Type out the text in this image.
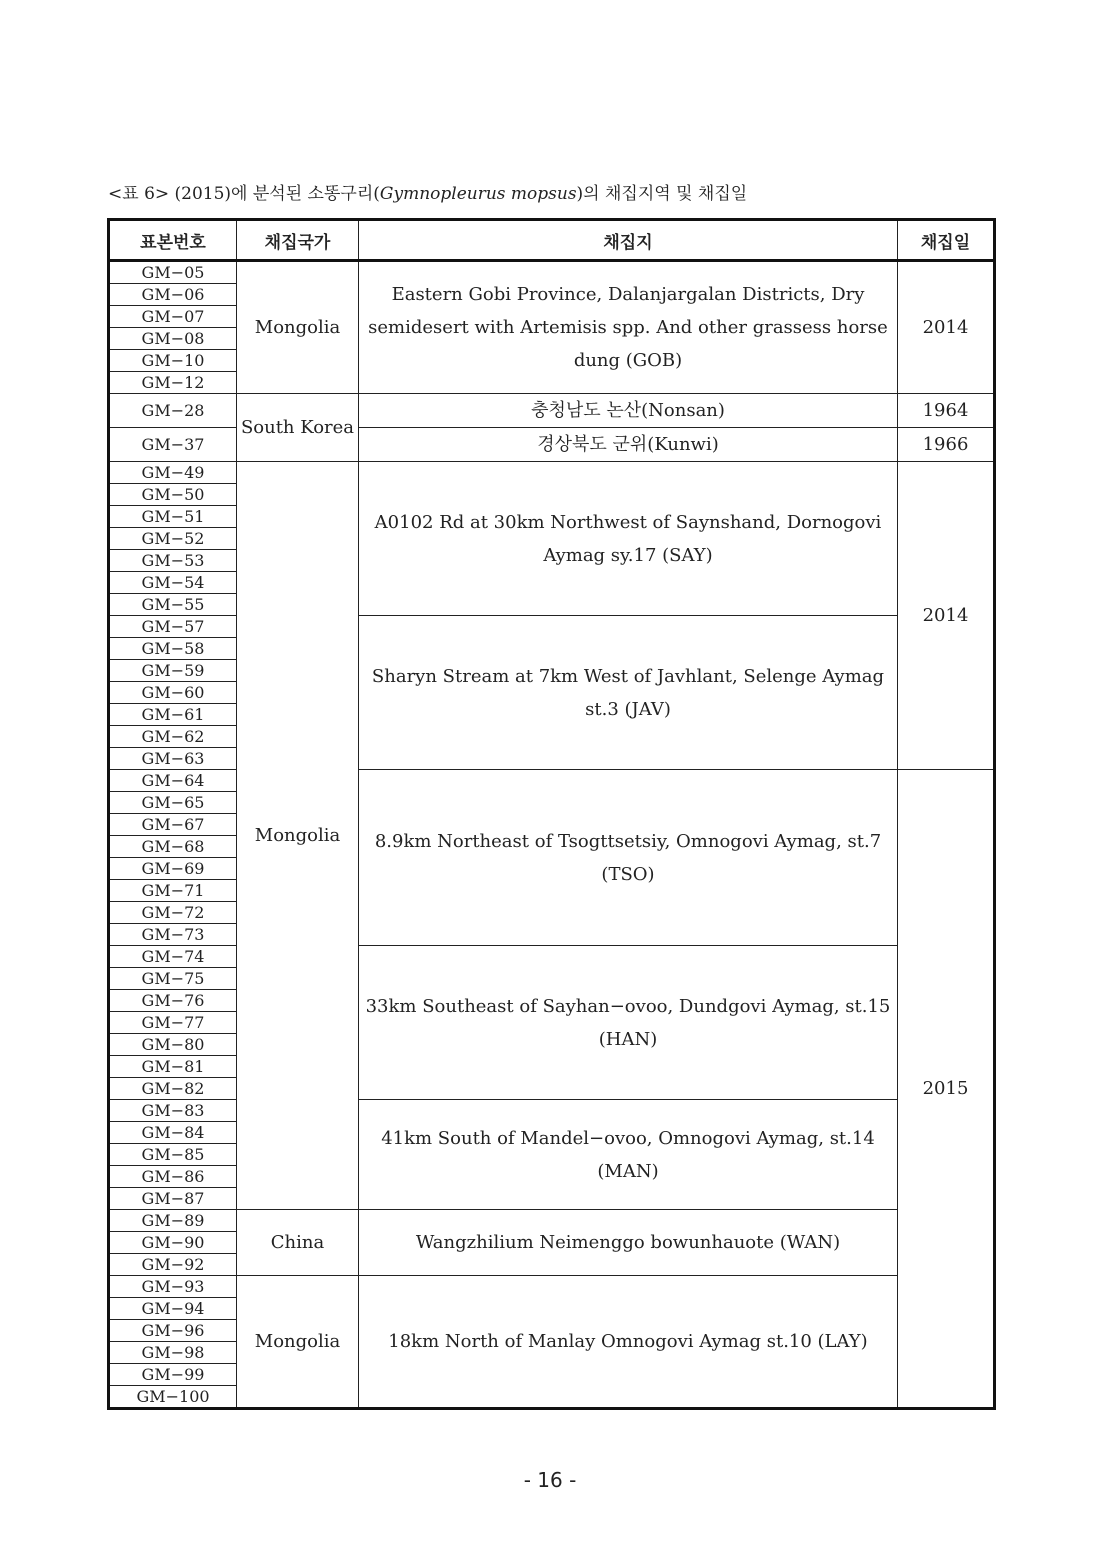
<표 6> (2015)에 분석된 소똥구리(Gymnopleurus mopsus)의 채집지역 및 채집일
표본번호	채집국가	채집지	채집일
GM−05	Mongolia	Eastern Gobi Province, Dalanjargalan Districts, Dry semidesert with Artemisis spp. And other grassess horse dung (GOB)	2014
GM−06			
GM−07			
GM−08			
GM−10			
GM−12			
GM−28	South Korea	충청남도 논산(Nonsan)	1964
GM−37		경상북도 군위(Kunwi)	1966
GM−49	Mongolia	A0102 Rd at 30km Northwest of Saynshand, Dornogovi Aymag sy.17 (SAY)	2014
GM−50			
GM−51			
GM−52			
GM−53			
GM−54			
GM−55			
GM−57		Sharyn Stream at 7km West of Javhlant, Selenge Aymag st.3 (JAV)	
GM−58			
GM−59			
GM−60			
GM−61			
GM−62			
GM−63			
GM−64		8.9km Northeast of Tsogttsetsiy, Omnogovi Aymag, st.7 (TSO)	2015
GM−65			
GM−67			
GM−68			
GM−69			
GM−71			
GM−72			
GM−73			
GM−74		33km Southeast of Sayhan−ovoo, Dundgovi Aymag, st.15 (HAN)	
GM−75			
GM−76			
GM−77			
GM−80			
GM−81			
GM−82			
GM−83		41km South of Mandel−ovoo, Omnogovi Aymag, st.14 (MAN)	
GM−84			
GM−85			
GM−86			
GM−87			
GM−89	China	Wangzhilium Neimenggo bowunhauote (WAN)	
GM−90			
GM−92			
GM−93	Mongolia	18km North of Manlay Omnogovi Aymag st.10 (LAY)	
GM−94			
GM−96			
GM−98			
GM−99			
GM−100			
- 16 -
